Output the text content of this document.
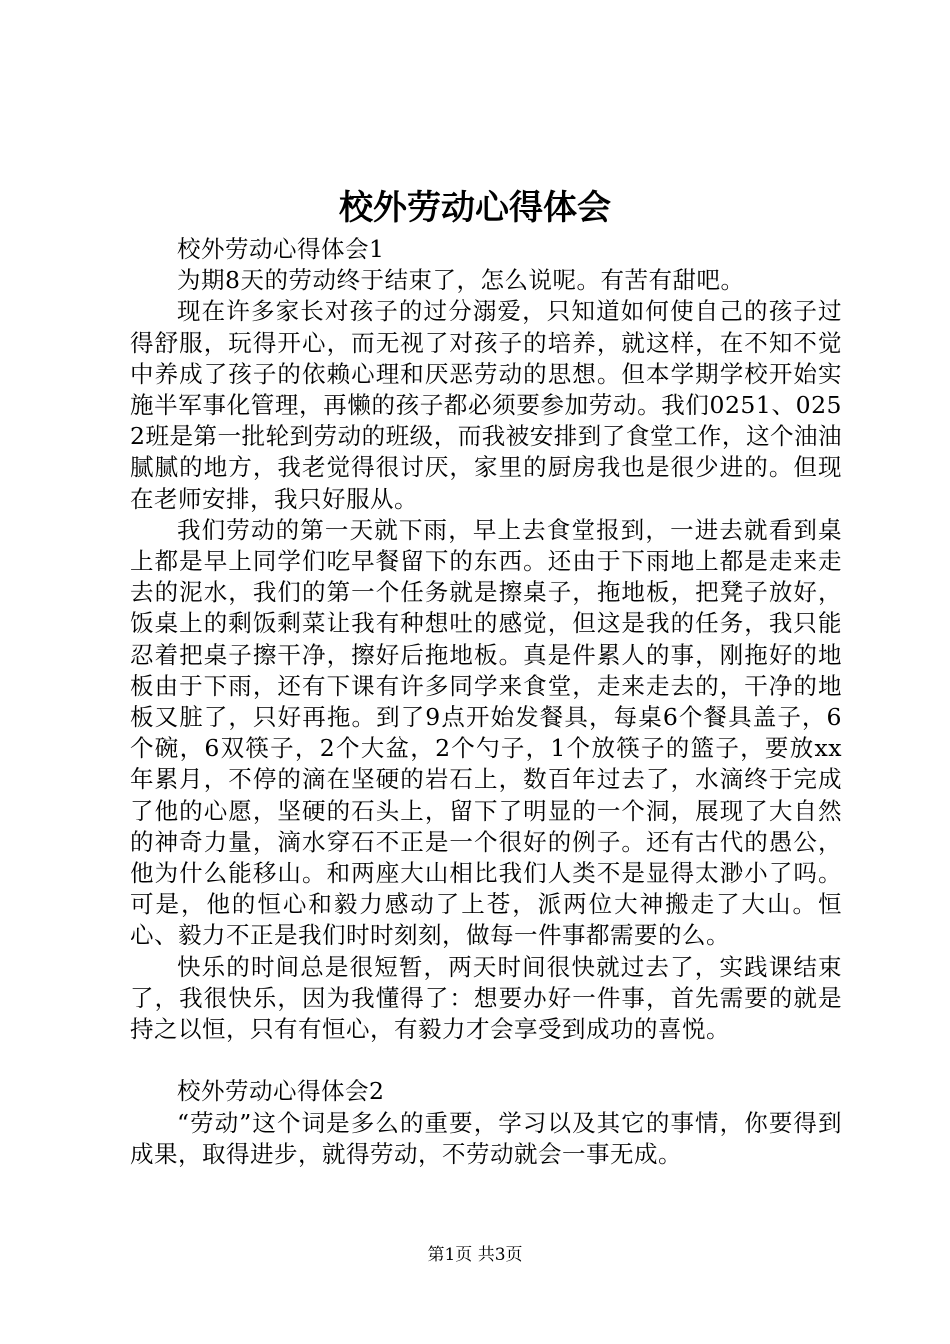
校外劳动心得体会

校外劳动心得体会1

为期8天的劳动终于结束了，怎么说呢。有苦有甜吧。

现在许多家长对孩子的过分溺爱，只知道如何使自己的孩子过得舒服，玩得开心，而无视了对孩子的培养，就这样，在不知不觉中养成了孩子的依赖心理和厌恶劳动的思想。但本学期学校开始实施半军事化管理，再懒的孩子都必须要参加劳动。我们0251、0252班是第一批轮到劳动的班级，而我被安排到了食堂工作，这个油油腻腻的地方，我老觉得很讨厌，家里的厨房我也是很少进的。但现在老师安排，我只好服从。

我们劳动的第一天就下雨，早上去食堂报到，一进去就看到桌上都是早上同学们吃早餐留下的东西。还由于下雨地上都是走来走去的泥水，我们的第一个任务就是擦桌子，拖地板，把凳子放好，饭桌上的剩饭剩菜让我有种想吐的感觉，但这是我的任务，我只能忍着把桌子擦干净，擦好后拖地板。真是件累人的事，刚拖好的地板由于下雨，还有下课有许多同学来食堂，走来走去的，干净的地板又脏了，只好再拖。到了9点开始发餐具，每桌6个餐具盖子，6个碗，6双筷子，2个大盆，2个勺子，1个放筷子的篮子，要放xx年累月，不停的滴在坚硬的岩石上，数百年过去了，水滴终于完成了他的心愿，坚硬的石头上，留下了明显的一个洞，展现了大自然的神奇力量，滴水穿石不正是一个很好的例子。还有古代的愚公，他为什么能移山。和两座大山相比我们人类不是显得太渺小了吗。可是，他的恒心和毅力感动了上苍，派两位大神搬走了大山。恒心、毅力不正是我们时时刻刻，做每一件事都需要的么。

快乐的时间总是很短暂，两天时间很快就过去了，实践课结束了，我很快乐，因为我懂得了：想要办好一件事，首先需要的就是持之以恒，只有有恒心，有毅力才会享受到成功的喜悦。

校外劳动心得体会2

“劳动”这个词是多么的重要，学习以及其它的事情，你要得到成果，取得进步，就得劳动，不劳动就会一事无成。

第1页 共3页
